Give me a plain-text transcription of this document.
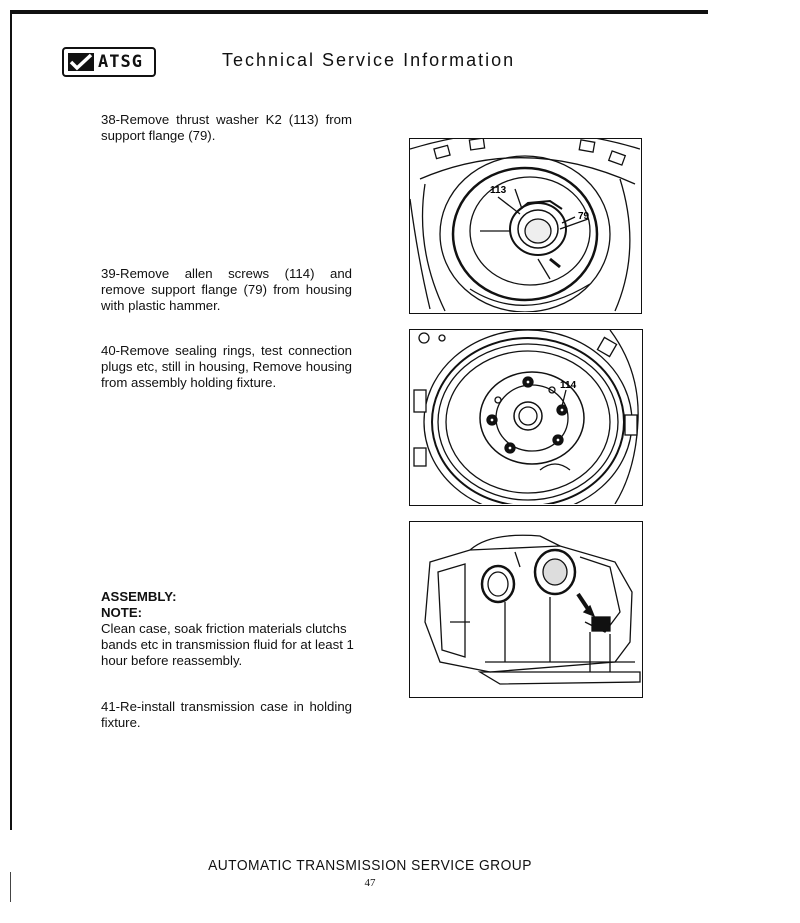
ATSG	Technical Service Information

38-Remove thrust washer K2 (113) from support flange (79).

39-Remove allen screws (114) and remove support flange (79) from housing with plastic hammer.

40-Remove sealing rings, test connection plugs etc, still in housing, Remove housing from assembly holding fixture.

ASSEMBLY:
NOTE:
Clean case, soak friction materials clutchs bands etc in transmission fluid for at least 1 hour before reassembly.

41-Re-install transmission case in holding fixture.

113
79
114
AUTOMATIC TRANSMISSION SERVICE GROUP
47
